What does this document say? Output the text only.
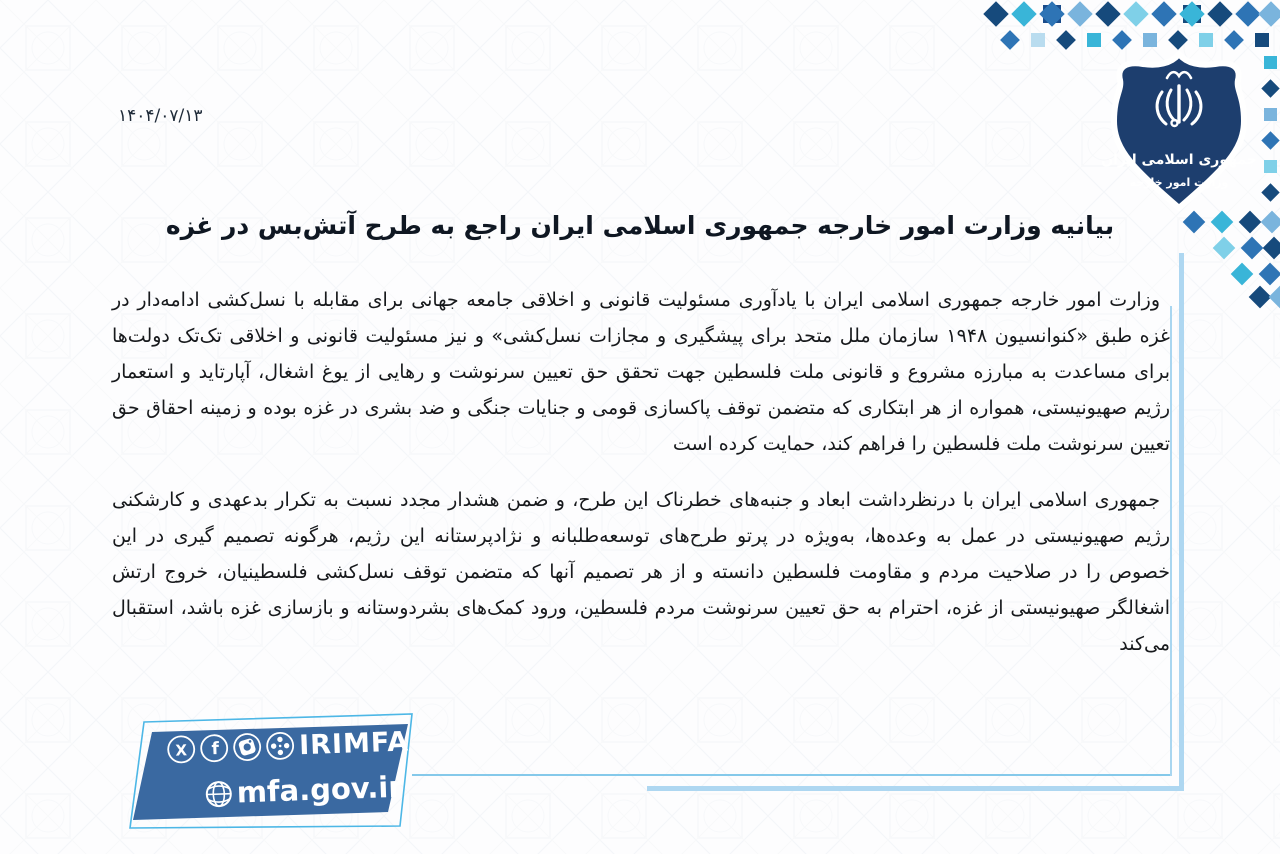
جمهوری اسلامی ایران
وزارت امور خارجه
۱۴۰۴/۰۷/۱۳
بیانیه وزارت امور خارجه جمهوری اسلامی ایران راجع به طرح آتش‌بس در غزه

وزارت امور خارجه جمهوری اسلامی ایران با یادآوری مسئولیت قانونی و اخلاقی جامعه جهانی برای مقابله با نسل‌کشی ادامه‌دار در غزه طبق «کنوانسیون ۱۹۴۸ سازمان ملل متحد برای پیشگیری و مجازات نسل‌کشی» و نیز مسئولیت قانونی و اخلاقی تک‌تک دولت‌ها برای مساعدت به مبارزه مشروع و قانونی ملت فلسطین جهت تحقق حق تعیین سرنوشت و رهایی از یوغ اشغال، آپارتاید و استعمار رژیم صهیونیستی، همواره از هر ابتکاری که متضمن توقف پاکسازی قومی و جنایات جنگی و ضد بشری در غزه بوده و زمینه احقاق حق تعیین سرنوشت ملت فلسطین را فراهم کند، حمایت کرده است

جمهوری اسلامی ایران با درنظرداشت ابعاد و جنبه‌های خطرناک این طرح، و ضمن هشدار مجدد نسبت به تکرار بدعهدی و کارشکنی رژیم صهیونیستی در عمل به وعده‌ها، به‌ویژه در پرتو طرح‌های توسعه‌طلبانه و نژادپرستانه این رژیم، هرگونه تصمیم گیری در این خصوص را در صلاحیت مردم و مقاومت فلسطین دانسته و از هر تصمیم آنها که متضمن توقف نسل‌کشی فلسطینیان، خروج ارتش اشغالگر صهیونیستی از غزه، احترام به حق تعیین سرنوشت مردم فلسطین، ورود کمک‌های بشردوستانه و بازسازی غزه باشد، استقبال می‌کند

X f	IRIMFA
mfa.gov.ir
